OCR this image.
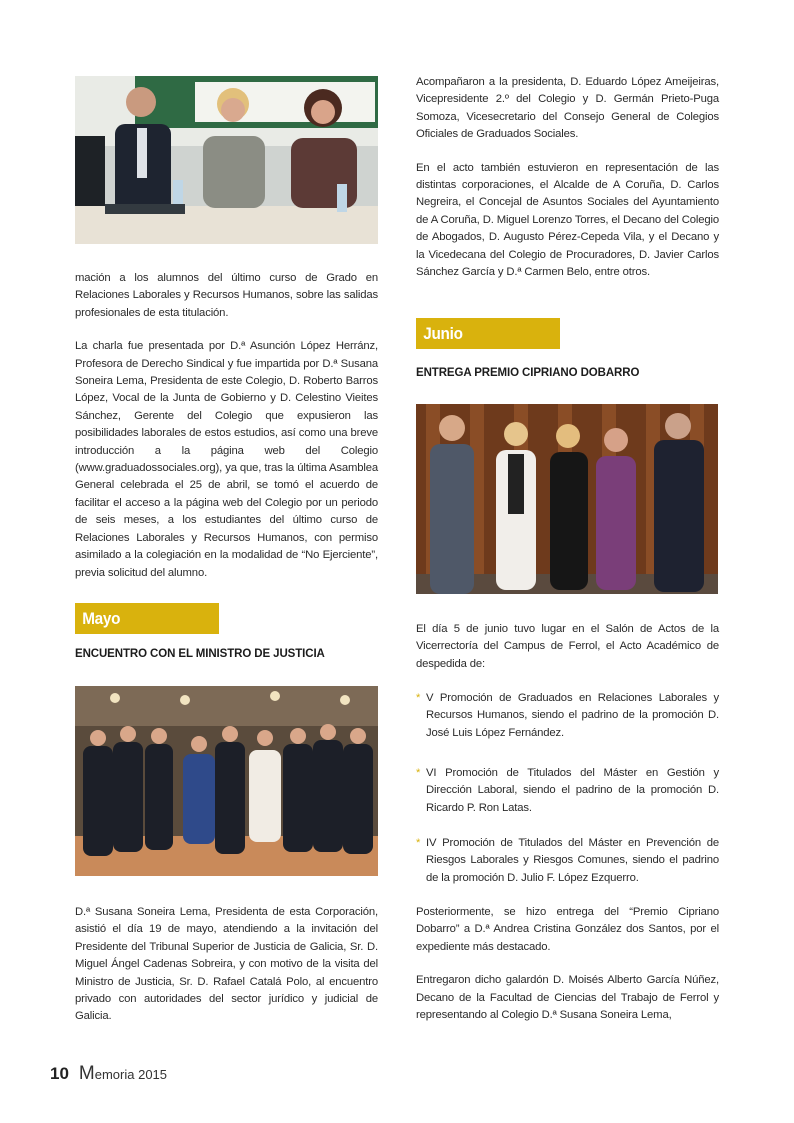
mación a los alumnos del último curso de Grado en Relaciones Laborales y Recursos Humanos, sobre las salidas profesionales de esta titulación.

La charla fue presentada por D.ª Asunción López Herránz, Profesora de Derecho Sindical y fue impartida por D.ª Susana Soneira Lema, Presidenta de este Colegio, D. Roberto Barros López, Vocal de la Junta de Gobierno y D. Celestino Vieites Sánchez, Gerente del Colegio que expusieron las posibilidades laborales de estos estudios, así como una breve introducción a la página web del Colegio (www.graduadossociales.org), ya que, tras la última Asamblea General celebrada el 25 de abril, se tomó el acuerdo de facilitar el acceso a la página web del Colegio por un periodo de seis meses, a los estudiantes del último curso de Relaciones Laborales y Recursos Humanos, con permiso asimilado a la colegiación en la modalidad de “No Ejerciente”, previa solicitud del alumno.

Mayo
ENCUENTRO CON EL MINISTRO DE JUSTICIA

D.ª Susana Soneira Lema, Presidenta de esta Corporación, asistió el día 19 de mayo, atendiendo a la invitación del Presidente del Tribunal Superior de Justicia de Galicia, Sr. D. Miguel Ángel Cadenas Sobreira, y con motivo de la visita del Ministro de Justicia, Sr. D. Rafael Catalá Polo, al encuentro privado con autoridades del sector jurídico y judicial de Galicia.

Acompañaron a la presidenta, D. Eduardo López Ameijeiras, Vicepresidente 2.º del Colegio y D. Germán Prieto-Puga Somoza, Vicesecretario del Consejo General de Colegios Oficiales de Graduados Sociales.

En el acto también estuvieron en representación de las distintas corporaciones, el Alcalde de A Coruña, D. Carlos Negreira, el Concejal de Asuntos Sociales del Ayuntamiento de A Coruña, D. Miguel Lorenzo Torres, el Decano del Colegio de Abogados, D. Augusto Pérez-Cepeda Vila, y el Decano y la Vicedecana del Colegio de Procuradores, D. Javier Carlos Sánchez García y D.ª Carmen Belo, entre otros.

Junio
ENTREGA PREMIO CIPRIANO DOBARRO

El día 5 de junio tuvo lugar en el Salón de Actos de la Vicerrectoría del Campus de Ferrol, el Acto Académico de despedida de:

* V Promoción de Graduados en Relaciones Laborales y Recursos Humanos, siendo el padrino de la promoción D. José Luis López Fernández.
* VI Promoción de Titulados del Máster en Gestión y Dirección Laboral, siendo el padrino de la promoción D. Ricardo P. Ron Latas.
* IV Promoción de Titulados del Máster en Prevención de Riesgos Laborales y Riesgos Comunes, siendo el padrino de la promoción D. Julio F. López Ezquerro.

Posteriormente, se hizo entrega del “Premio Cipriano Dobarro” a D.ª Andrea Cristina González dos Santos, por el expediente más destacado.

Entregaron dicho galardón D. Moisés Alberto García Núñez, Decano de la Facultad de Ciencias del Trabajo de Ferrol y representando al Colegio D.ª Susana Soneira Lema,

10 Memoria 2015
